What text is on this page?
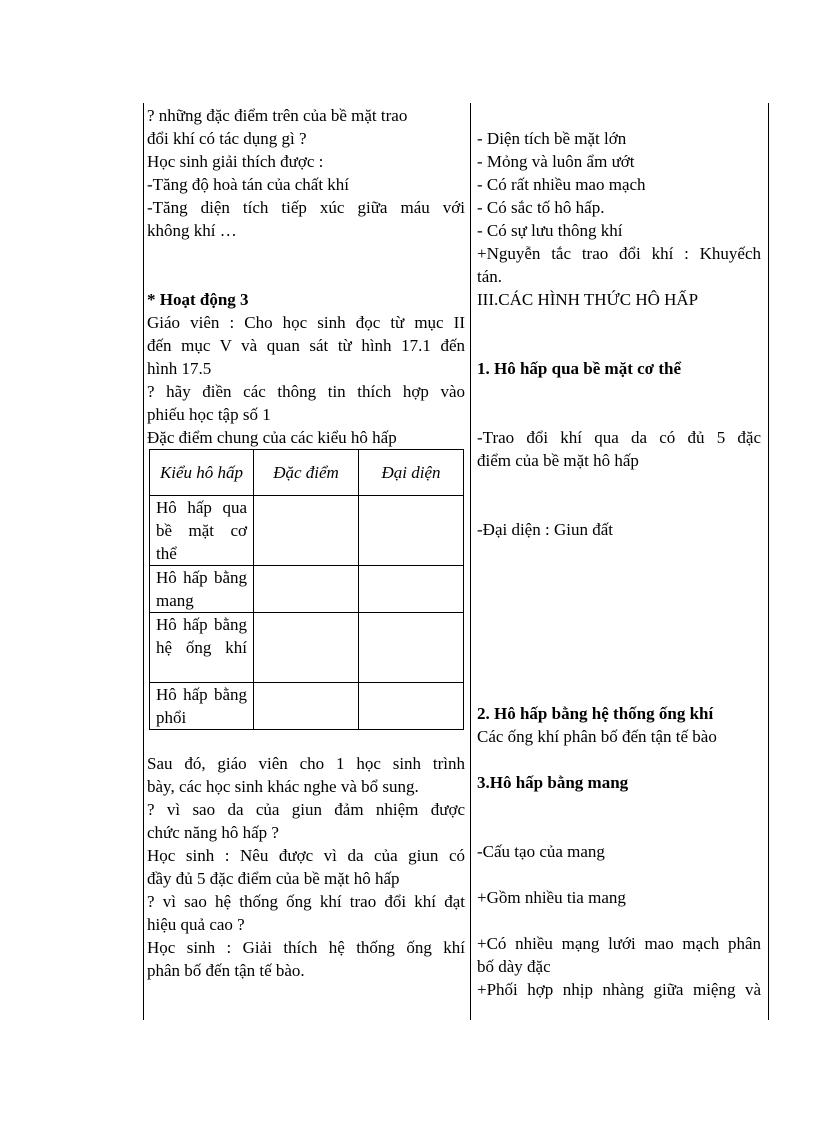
? những đặc điểm trên của bề mặt trao
đổi khí có tác dụng gì ?
Học sinh giải thích được :
-Tăng độ hoà tán của chất khí
-Tăng diện tích tiếp xúc giữa máu với
không khí …
* Hoạt động 3
Giáo viên : Cho học sinh đọc từ mục II
đến mục V và quan sát từ hình 17.1 đến
hình 17.5
? hãy điền các thông tin thích hợp vào
phiếu học tập số 1
Đặc điểm chung của các kiểu hô hấp
Kiểu hô hấp	Đặc điểm	Đại diện
Hô hấp qua bề mặt cơ thể		
Hô hấp bằng mang		
Hô hấp bằng hệ ống khí		
Hô hấp bằng phổi		
Sau đó, giáo viên cho 1 học sinh trình
bày, các học sinh khác nghe và bổ sung.
? vì sao da của giun đảm nhiệm được
chức năng hô hấp ?
Học sinh : Nêu được vì da của giun có
đầy đủ 5 đặc điểm của bề mặt hô hấp
? vì sao hệ thống ống khí trao đổi khí đạt
hiệu quả cao ?
Học sinh : Giải thích hệ thống ống khí
phân bố đến tận tế bào.
- Diện tích bề mặt lớn
- Mỏng và luôn ẩm ướt
- Có rất nhiều mao mạch
- Có sắc tố hô hấp.
- Có sự lưu thông khí
+Nguyễn tắc trao đổi khí : Khuyếch
tán.
III.CÁC HÌNH THỨC HÔ HẤP
1. Hô hấp qua bề mặt cơ thể
-Trao đổi khí qua da có đủ 5 đặc
điểm của bề mặt hô hấp
-Đại diện : Giun đất
2. Hô hấp bằng hệ thống ống khí
Các ống khí phân bố đến tận tế bào
3.Hô hấp bằng mang
-Cấu tạo của mang
+Gồm nhiều tia mang
+Có nhiều mạng lưới mao mạch phân
bố dày đặc
+Phối hợp nhịp nhàng giữa miệng và
